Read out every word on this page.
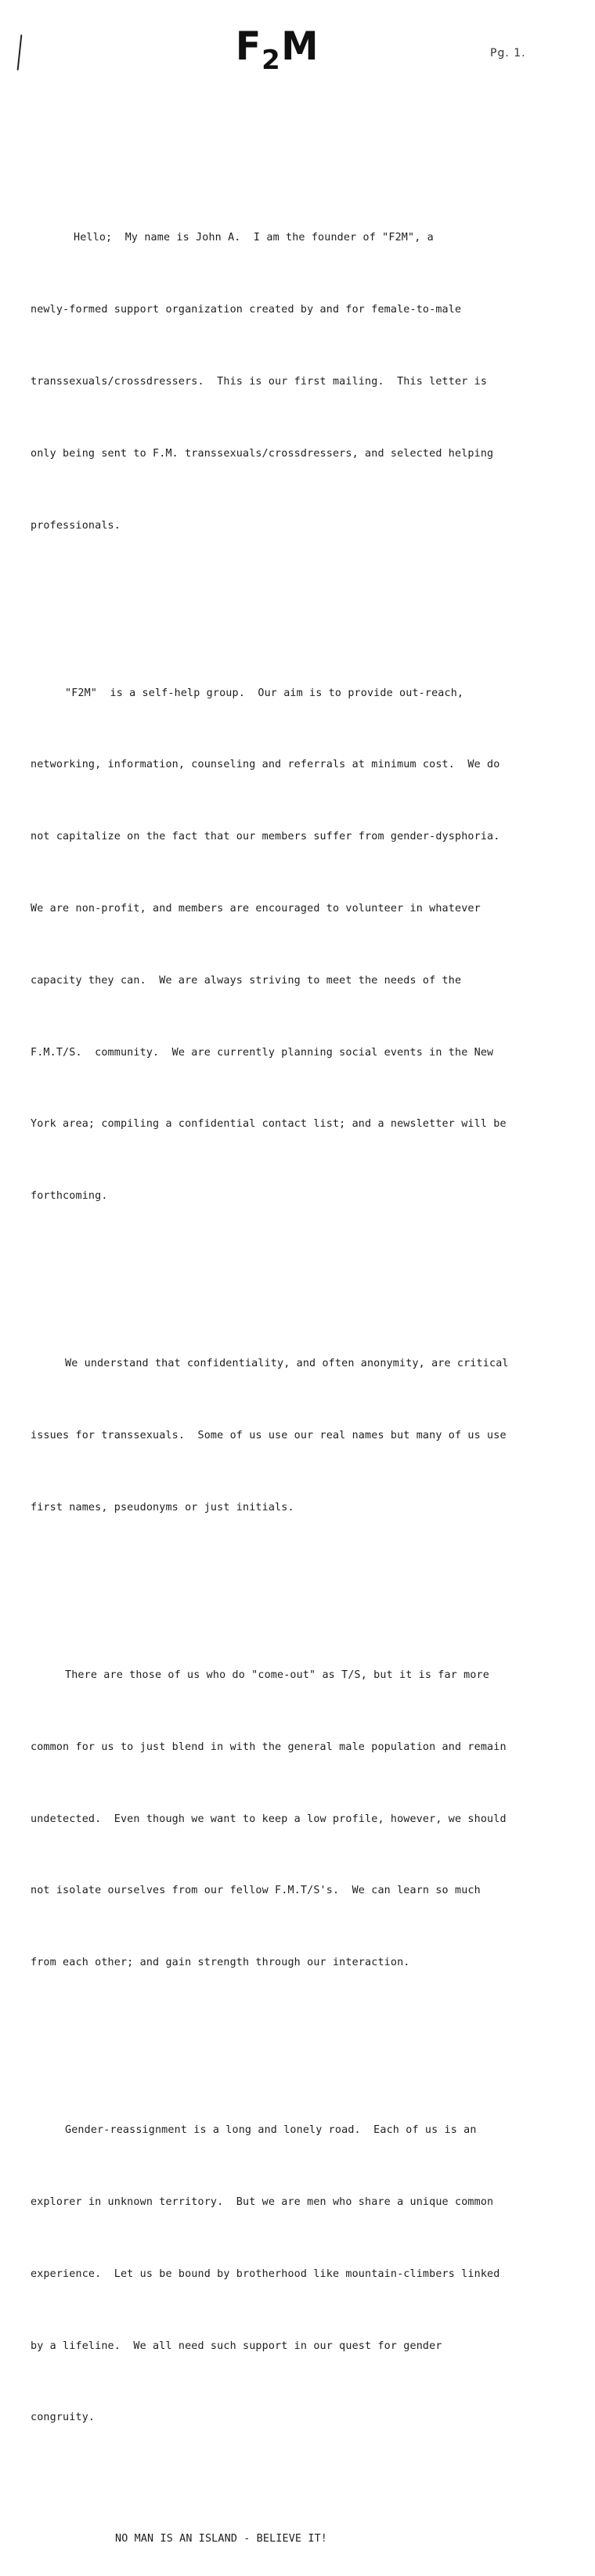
F 2 M	Pg. 1.

Hello;  My name is John A.  I am the founder of "F2M", a

newly-formed support organization created by and for female-to-male

transsexuals/crossdressers.  This is our first mailing.  This letter is

only being sent to F.M. transsexuals/crossdressers, and selected helping

professionals.

"F2M"  is a self-help group.  Our aim is to provide out-reach,

networking, information, counseling and referrals at minimum cost.  We do

not capitalize on the fact that our members suffer from gender-dysphoria.

We are non-profit, and members are encouraged to volunteer in whatever

capacity they can.  We are always striving to meet the needs of the

F.M.T/S.  community.  We are currently planning social events in the New

York area; compiling a confidential contact list; and a newsletter will be

forthcoming.

We understand that confidentiality, and often anonymity, are critical

issues for transsexuals.  Some of us use our real names but many of us use

first names, pseudonyms or just initials.

There are those of us who do "come-out" as T/S, but it is far more

common for us to just blend in with the general male population and remain

undetected.  Even though we want to keep a low profile, however, we should

not isolate ourselves from our fellow F.M.T/S's.  We can learn so much

from each other; and gain strength through our interaction.

Gender-reassignment is a long and lonely road.  Each of us is an

explorer in unknown territory.  But we are men who share a unique common

experience.  Let us be bound by brotherhood like mountain-climbers linked

by a lifeline.  We all need such support in our quest for gender

congruity.

NO MAN IS AN ISLAND - BELIEVE IT!
